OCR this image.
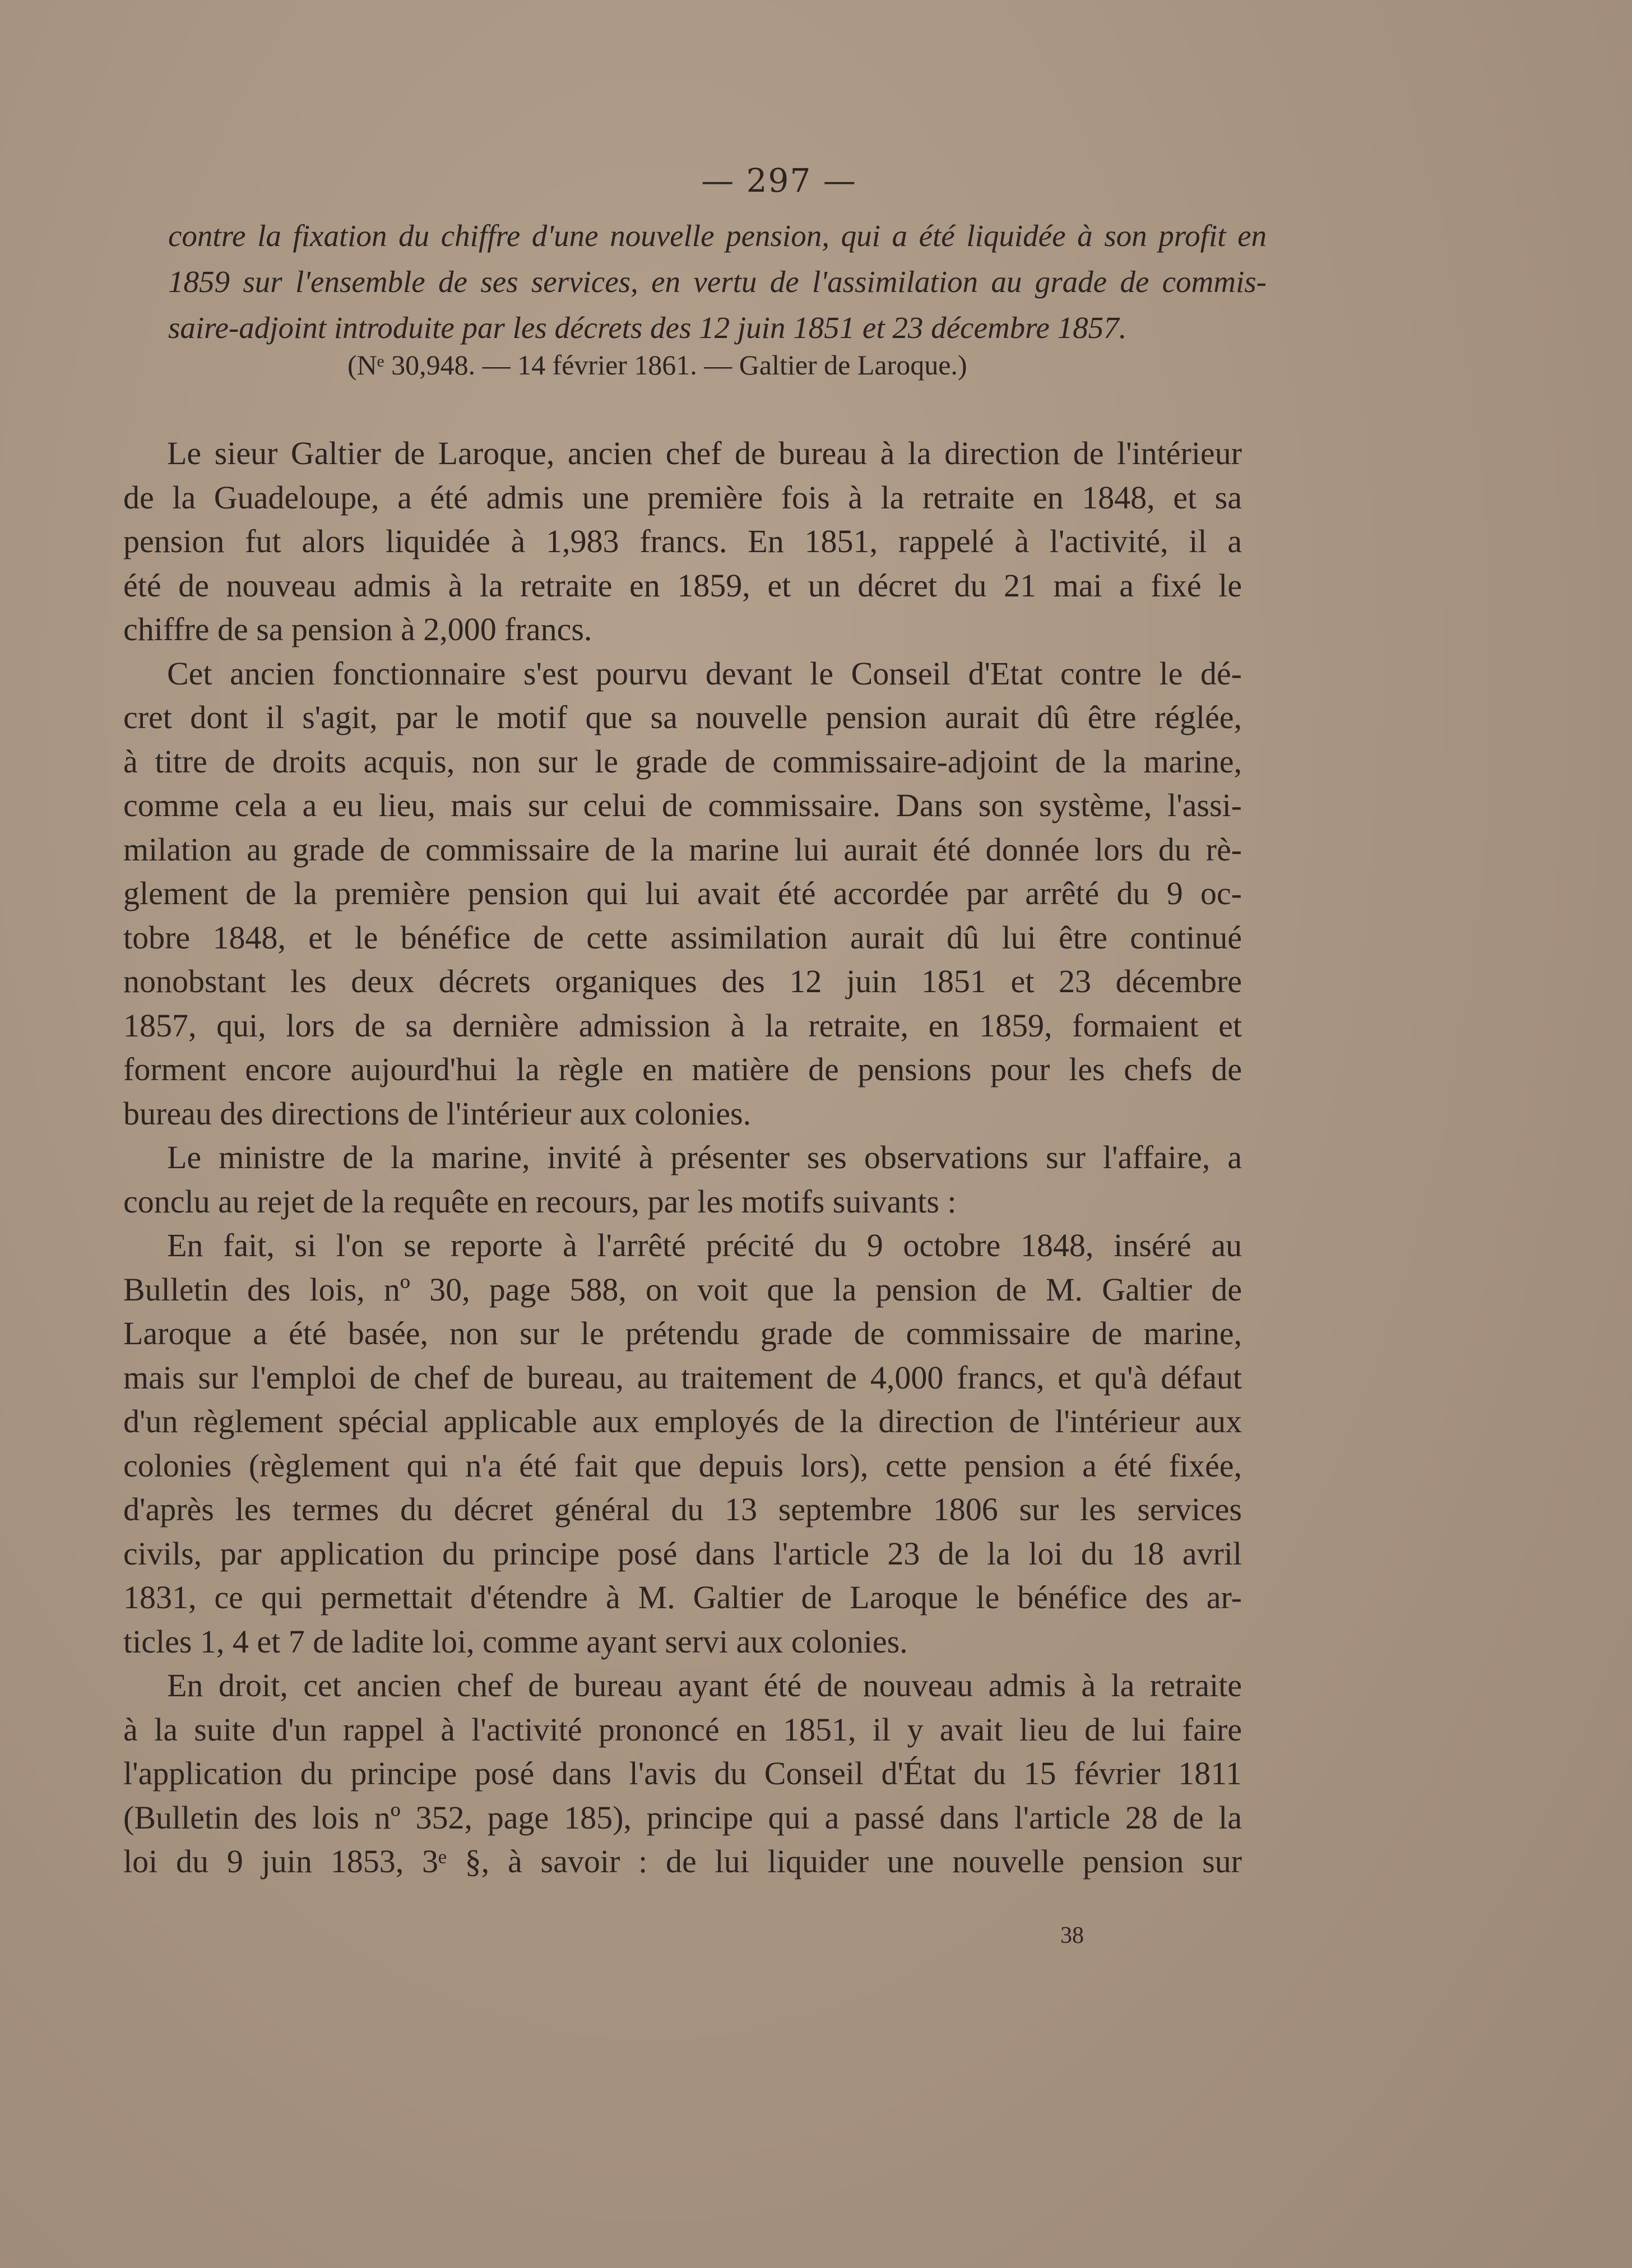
— 297 —
contre la fixation du chiffre d'une nouvelle pension, qui a été liquidée à son profit en
1859 sur l'ensemble de ses services, en vertu de l'assimilation au grade de commis-
saire-adjoint introduite par les décrets des 12 juin 1851 et 23 décembre 1857.
(Nᵉ 30,948. — 14 février 1861. — Galtier de Laroque.)
Le sieur Galtier de Laroque, ancien chef de bureau à la direction de l'intérieur
de la Guadeloupe, a été admis une première fois à la retraite en 1848, et sa
pension fut alors liquidée à 1,983 francs. En 1851, rappelé à l'activité, il a
été de nouveau admis à la retraite en 1859, et un décret du 21 mai a fixé le
chiffre de sa pension à 2,000 francs.
Cet ancien fonctionnaire s'est pourvu devant le Conseil d'Etat contre le dé-
cret dont il s'agit, par le motif que sa nouvelle pension aurait dû être réglée,
à titre de droits acquis, non sur le grade de commissaire-adjoint de la marine,
comme cela a eu lieu, mais sur celui de commissaire. Dans son système, l'assi-
milation au grade de commissaire de la marine lui aurait été donnée lors du rè-
glement de la première pension qui lui avait été accordée par arrêté du 9 oc-
tobre 1848, et le bénéfice de cette assimilation aurait dû lui être continué
nonobstant les deux décrets organiques des 12 juin 1851 et 23 décembre
1857, qui, lors de sa dernière admission à la retraite, en 1859, formaient et
forment encore aujourd'hui la règle en matière de pensions pour les chefs de
bureau des directions de l'intérieur aux colonies.
Le ministre de la marine, invité à présenter ses observations sur l'affaire, a
conclu au rejet de la requête en recours, par les motifs suivants :
En fait, si l'on se reporte à l'arrêté précité du 9 octobre 1848, inséré au
Bulletin des lois, nº 30, page 588, on voit que la pension de M. Galtier de
Laroque a été basée, non sur le prétendu grade de commissaire de marine,
mais sur l'emploi de chef de bureau, au traitement de 4,000 francs, et qu'à défaut
d'un règlement spécial applicable aux employés de la direction de l'intérieur aux
colonies (règlement qui n'a été fait que depuis lors), cette pension a été fixée,
d'après les termes du décret général du 13 septembre 1806 sur les services
civils, par application du principe posé dans l'article 23 de la loi du 18 avril
1831, ce qui permettait d'étendre à M. Galtier de Laroque le bénéfice des ar-
ticles 1, 4 et 7 de ladite loi, comme ayant servi aux colonies.
En droit, cet ancien chef de bureau ayant été de nouveau admis à la retraite
à la suite d'un rappel à l'activité prononcé en 1851, il y avait lieu de lui faire
l'application du principe posé dans l'avis du Conseil d'État du 15 février 1811
(Bulletin des lois nº 352, page 185), principe qui a passé dans l'article 28 de la
loi du 9 juin 1853, 3ᵉ §, à savoir : de lui liquider une nouvelle pension sur
38
